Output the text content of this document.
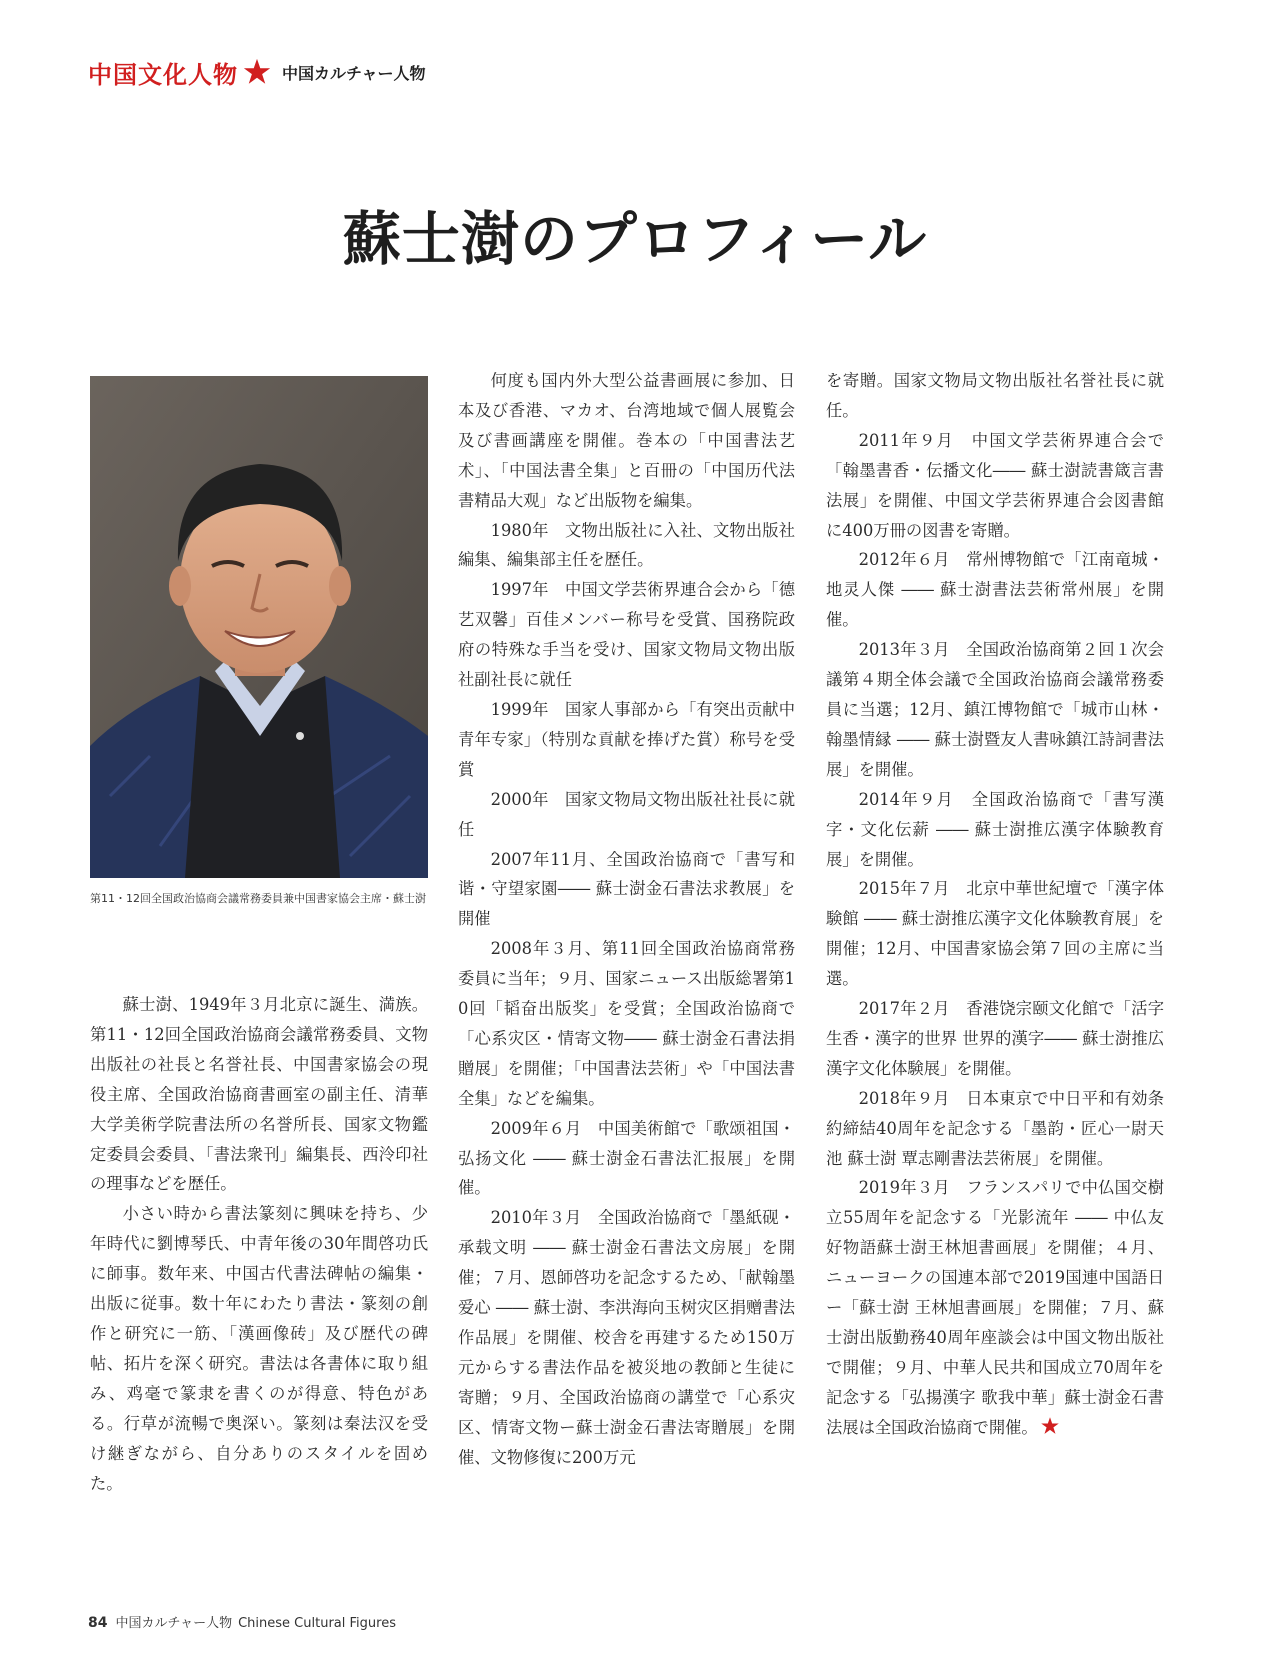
中国文化人物	中国カルチャー人物
蘇士澍のプロフィール
第11・12回全国政治協商会議常務委員兼中国書家協会主席・蘇士澍

蘇士澍、1949年３月北京に誕生、満族。第11・12回全国政治協商会議常務委員、文物出版社の社長と名誉社長、中国書家協会の現役主席、全国政治協商書画室の副主任、清華大学美術学院書法所の名誉所長、国家文物鑑定委員会委員、「書法衆刊」編集長、西泠印社の理事などを歴任。

小さい時から書法篆刻に興味を持ち、少年時代に劉博琴氏、中青年後の30年間啓功氏に師事。数年来、中国古代書法碑帖の編集・出版に従事。数十年にわたり書法・篆刻の創作と研究に一筋、「漢画像砖」及び歴代の碑帖、拓片を深く研究。書法は各書体に取り組み、鸡毫で篆隶を書くのが得意、特色がある。行草が流暢で奥深い。篆刻は秦法汉を受け継ぎながら、自分ありのスタイルを固めた。

何度も国内外大型公益書画展に参加、日本及び香港、マカオ、台湾地域で個人展覧会及び書画講座を開催。巻本の「中国書法艺术」、「中国法書全集」と百冊の「中国历代法書精品大观」など出版物を編集。

1980年　文物出版社に入社、文物出版社編集、編集部主任を歴任。

1997年　中国文学芸術界連合会から「德艺双馨」百佳メンバー称号を受賞、国務院政府の特殊な手当を受け、国家文物局文物出版社副社長に就任

1999年　国家人事部から「有突出贡献中青年专家」（特別な貢献を捧げた賞）称号を受賞

2000年　国家文物局文物出版社社長に就任

2007年11月、全国政治協商で「書写和谐・守望家園―― 蘇士澍金石書法求教展」を開催

2008年３月、第11回全国政治協商常務委員に当年；９月、国家ニュース出版総署第10回「韬奋出版奖」を受賞；全国政治協商で「心系灾区・情寄文物―― 蘇士澍金石書法捐贈展」を開催；「中国書法芸術」や「中国法書全集」などを編集。

2009年６月　中国美術館で「歌颂祖国・弘扬文化 ―― 蘇士澍金石書法汇报展」を開催。

2010年３月　全国政治協商で「墨紙砚・承载文明 ―― 蘇士澍金石書法文房展」を開催；７月、恩師啓功を記念するため、「献翰墨爱心 ―― 蘇士澍、李洪海向玉树灾区捐赠書法作品展」を開催、校舎を再建するため150万元からする書法作品を被災地の教師と生徒に寄贈；９月、全国政治協商の講堂で「心系灾区、情寄文物ー蘇士澍金石書法寄贈展」を開催、文物修復に200万元

を寄贈。国家文物局文物出版社名誉社長に就任。

2011年９月　中国文学芸術界連合会で「翰墨書香・伝播文化―― 蘇士澍読書箴言書法展」を開催、中国文学芸術界連合会図書館に400万冊の図書を寄贈。

2012年６月　常州博物館で「江南竜城・地灵人傑 ―― 蘇士澍書法芸術常州展」を開催。

2013年３月　全国政治協商第２回１次会議第４期全体会議で全国政治協商会議常務委員に当選；12月、鎮江博物館で「城市山林・翰墨情縁 ―― 蘇士澍暨友人書咏鎮江詩詞書法展」を開催。

2014年９月　全国政治協商で「書写漢字・文化伝薪 ―― 蘇士澍推広漢字体験教育展」を開催。

2015年７月　北京中華世紀壇で「漢字体験館 ―― 蘇士澍推広漢字文化体験教育展」を開催；12月、中国書家協会第７回の主席に当選。

2017年２月　香港饶宗颐文化館で「活字生香・漢字的世界 世界的漢字―― 蘇士澍推広漢字文化体験展」を開催。

2018年９月　日本東京で中日平和有効条約締結40周年を記念する「墨韵・匠心一尉天池 蘇士澍 覃志剛書法芸術展」を開催。

2019年３月　フランスパリで中仏国交樹立55周年を記念する「光影流年 ―― 中仏友好物語蘇士澍王林旭書画展」を開催；４月、ニューヨークの国連本部で2019国連中国語日ー「蘇士澍 王林旭書画展」を開催；７月、蘇士澍出版勤務40周年座談会は中国文物出版社で開催；９月、中華人民共和国成立70周年を記念する「弘揚漢字 歌我中華」蘇士澍金石書法展は全国政治協商で開催。

84 中国カルチャー人物 Chinese Cultural Figures
